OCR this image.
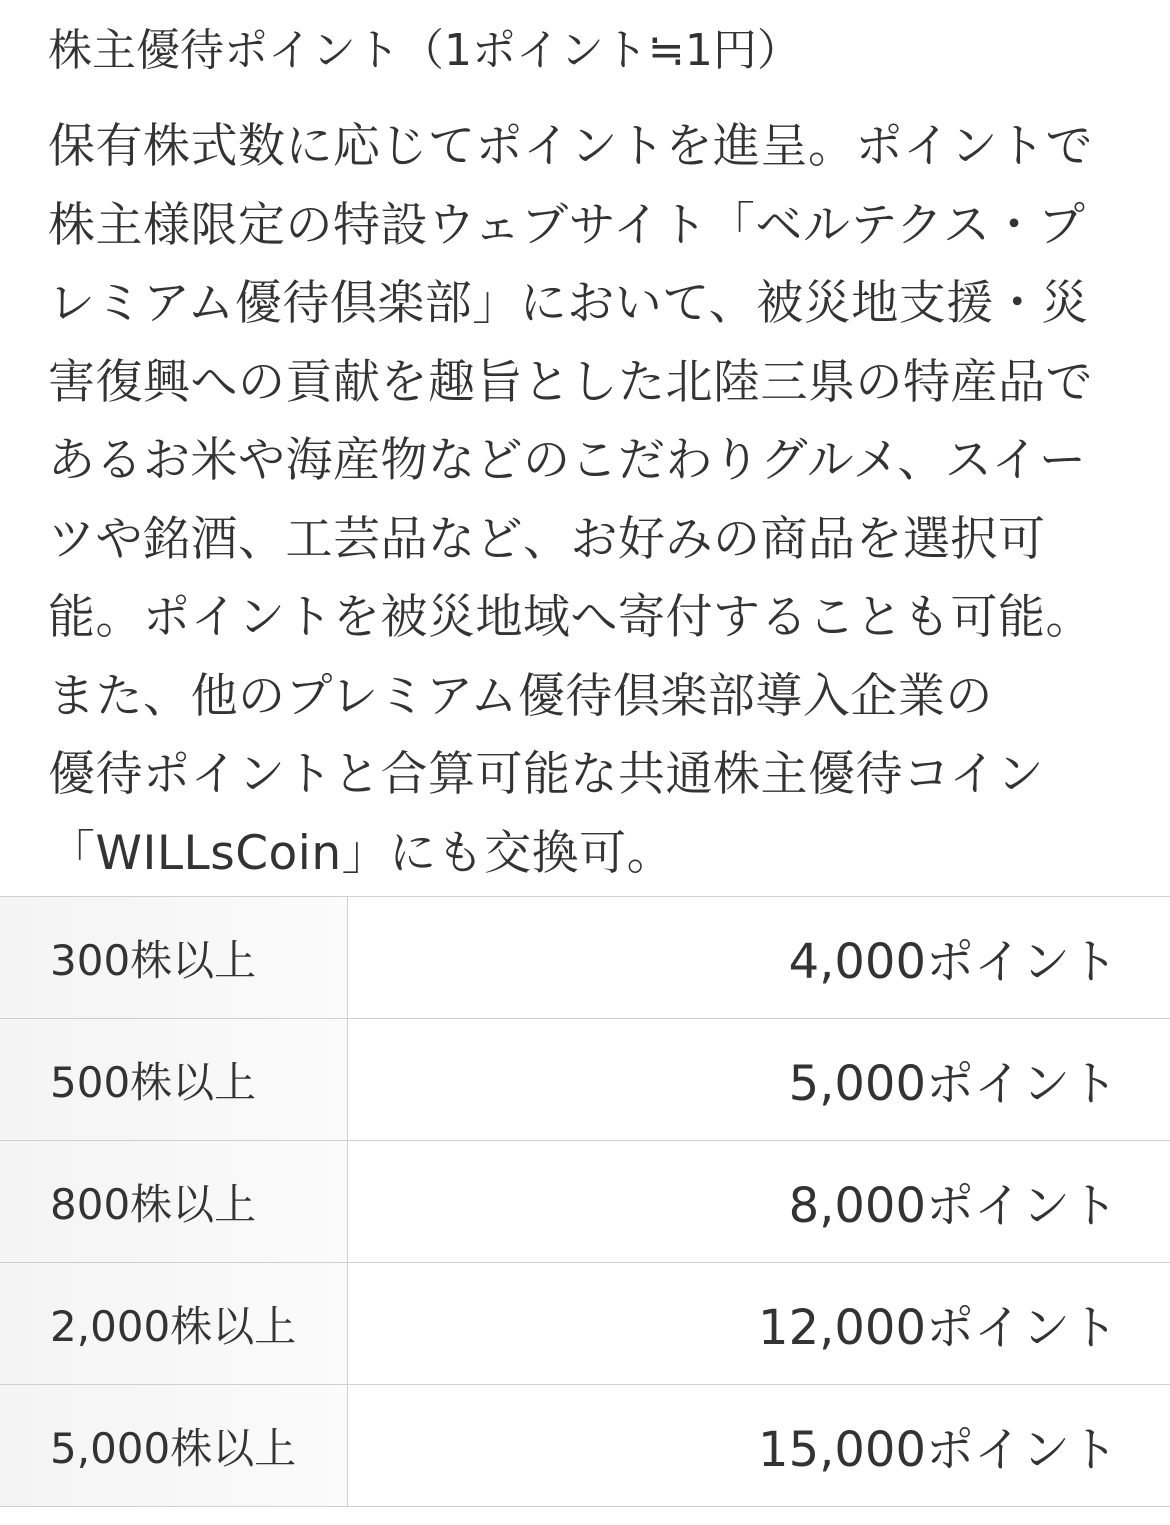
株主優待ポイント（1ポイント≒1円）
保有株式数に応じてポイントを進呈。ポイントで
株主様限定の特設ウェブサイト「ベルテクス・プ
レミアム優待倶楽部」において、被災地支援・災
害復興への貢献を趣旨とした北陸三県の特産品で
あるお米や海産物などのこだわりグルメ、スイー
ツや銘酒、工芸品など、お好みの商品を選択可
能。ポイントを被災地域へ寄付することも可能。
また、他のプレミアム優待倶楽部導入企業の
優待ポイントと合算可能な共通株主優待コイン
「WILLsCoin」にも交換可。
300株以上	4,000ポイント
500株以上	5,000ポイント
800株以上	8,000ポイント
2,000株以上	12,000ポイント
5,000株以上	15,000ポイント
